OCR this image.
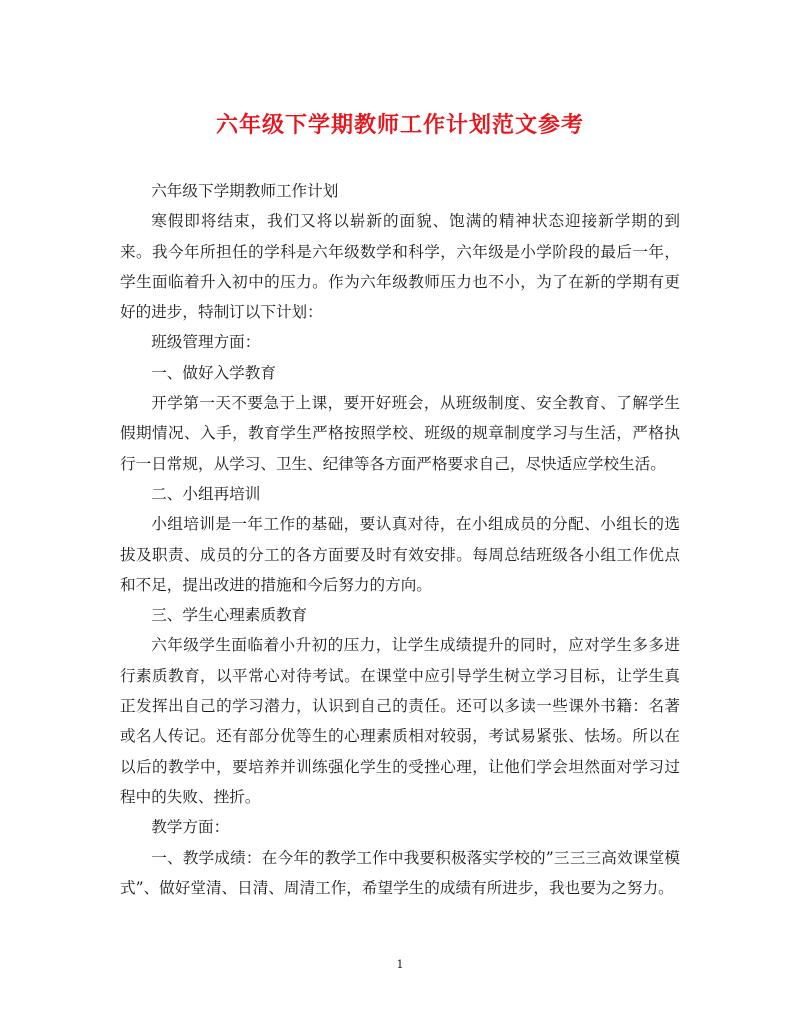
六年级下学期教师工作计划范文参考

六年级下学期教师工作计划

寒假即将结束，我们又将以崭新的面貌、饱满的精神状态迎接新学期的到来。我今年所担任的学科是六年级数学和科学，六年级是小学阶段的最后一年，学生面临着升入初中的压力。作为六年级教师压力也不小，为了在新的学期有更好的进步，特制订以下计划：

班级管理方面：

一、做好入学教育

开学第一天不要急于上课，要开好班会，从班级制度、安全教育、了解学生假期情况、入手，教育学生严格按照学校、班级的规章制度学习与生活，严格执行一日常规，从学习、卫生、纪律等各方面严格要求自己，尽快适应学校生活。

二、小组再培训

小组培训是一年工作的基础，要认真对待，在小组成员的分配、小组长的选拔及职责、成员的分工的各方面要及时有效安排。每周总结班级各小组工作优点和不足，提出改进的措施和今后努力的方向。

三、学生心理素质教育

六年级学生面临着小升初的压力，让学生成绩提升的同时，应对学生多多进行素质教育，以平常心对待考试。在课堂中应引导学生树立学习目标，让学生真正发挥出自己的学习潜力，认识到自己的责任。还可以多读一些课外书籍：名著或名人传记。还有部分优等生的心理素质相对较弱，考试易紧张、怯场。所以在以后的教学中，要培养并训练强化学生的受挫心理，让他们学会坦然面对学习过程中的失败、挫折。

教学方面：

一、教学成绩：在今年的教学工作中我要积极落实学校的”三三三高效课堂模式”、做好堂清、日清、周清工作，希望学生的成绩有所进步，我也要为之努力。

1
